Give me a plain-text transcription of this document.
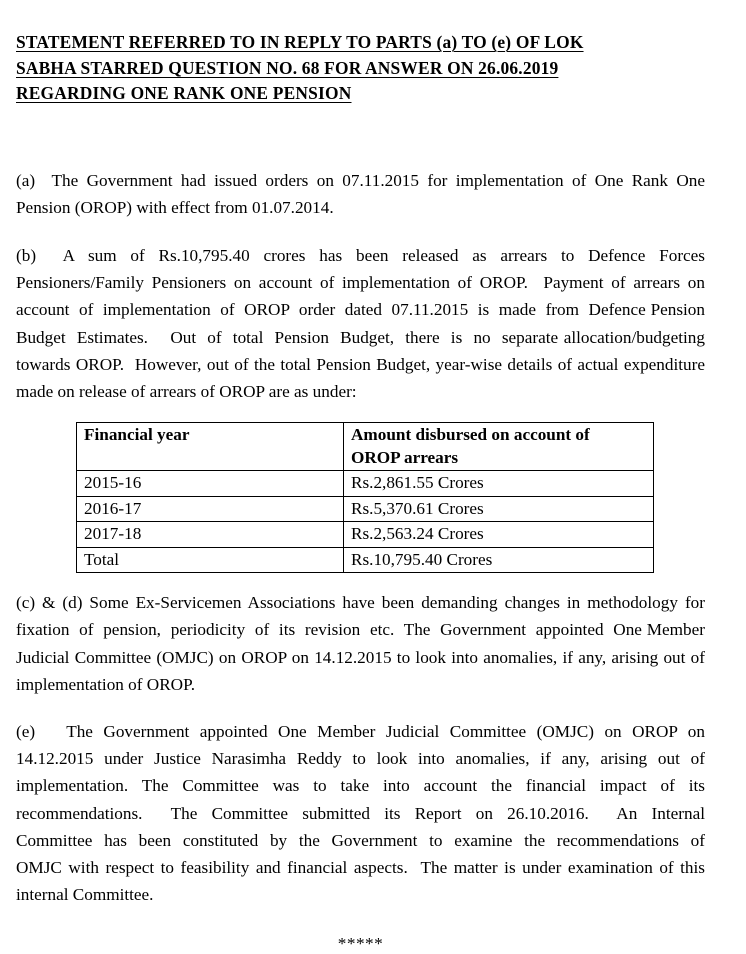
STATEMENT REFERRED TO IN REPLY TO PARTS (a) TO (e) OF LOK
SABHA STARRED QUESTION NO. 68 FOR ANSWER ON 26.06.2019
REGARDING ONE RANK ONE PENSION

(a)  The Government had issued orders on 07.11.2015 for implementation of One Rank One Pension (OROP) with effect from 01.07.2014.

(b)    A  sum  of  Rs.10,795.40  crores  has  been  released  as  arrears  to  Defence  Forces Pensioners/Family Pensioners on account of implementation of OROP.  Payment of arrears on  account  of  implementation  of  OROP  order  dated  07.11.2015  is  made  from  Defence Pension  Budget  Estimates.    Out  of  total  Pension  Budget,  there  is  no  separate allocation/budgeting towards OROP.  However, out of the total Pension Budget, year-wise details of actual expenditure made on release of arrears of OROP are as under:

Financial year	Amount disbursed on account of
OROP arrears
2015-16	Rs.2,861.55 Crores
2016-17	Rs.5,370.61 Crores
2017-18	Rs.2,563.24 Crores
Total	Rs.10,795.40 Crores

(c) & (d) Some Ex-Servicemen Associations have been demanding changes in methodology for  fixation  of  pension,  periodicity  of  its  revision  etc.  The  Government  appointed  One Member Judicial Committee (OMJC) on OROP on 14.12.2015 to look into anomalies, if any, arising out of implementation of OROP.

(e)   The Government appointed One Member Judicial Committee (OMJC) on OROP on 14.12.2015 under Justice Narasimha Reddy to look into anomalies, if any, arising out of implementation.  The  Committee  was  to  take  into  account  the  financial  impact  of  its recommendations.    The  Committee  submitted  its  Report  on  26.10.2016.    An  Internal Committee  has  been  constituted  by  the  Government  to  examine  the  recommendations  of OMJC with respect to feasibility and financial aspects.  The matter is under examination of this internal Committee.

*****
